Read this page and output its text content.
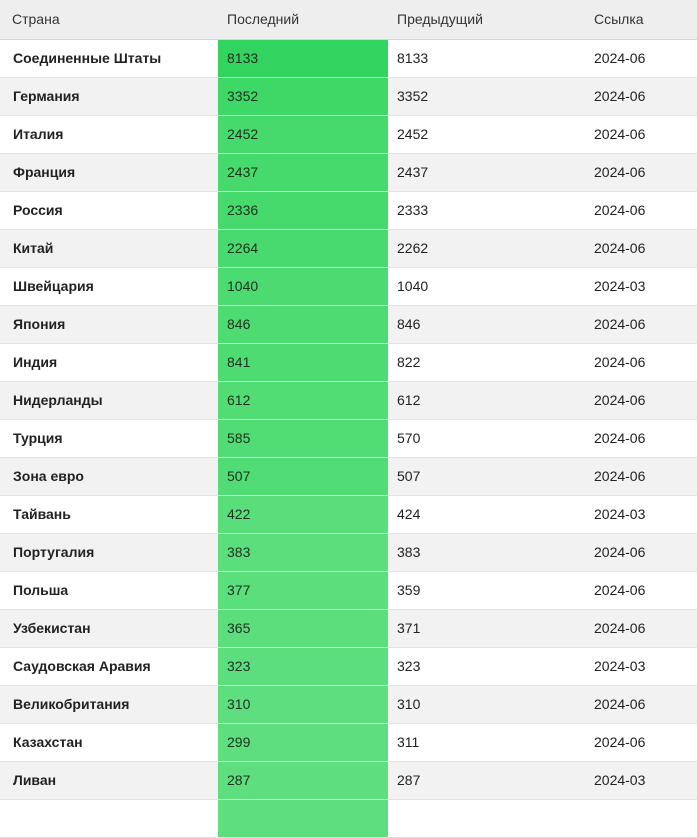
Страна	Последний	Предыдущий	Ссылка
Соединенные Штаты	8133	8133	2024-06
Германия	3352	3352	2024-06
Италия	2452	2452	2024-06
Франция	2437	2437	2024-06
Россия	2336	2333	2024-06
Китай	2264	2262	2024-06
Швейцария	1040	1040	2024-03
Япония	846	846	2024-06
Индия	841	822	2024-06
Нидерланды	612	612	2024-06
Турция	585	570	2024-06
Зона евро	507	507	2024-06
Тайвань	422	424	2024-03
Португалия	383	383	2024-06
Польша	377	359	2024-06
Узбекистан	365	371	2024-06
Саудовская Аравия	323	323	2024-03
Великобритания	310	310	2024-06
Казахстан	299	311	2024-06
Ливан	287	287	2024-03
